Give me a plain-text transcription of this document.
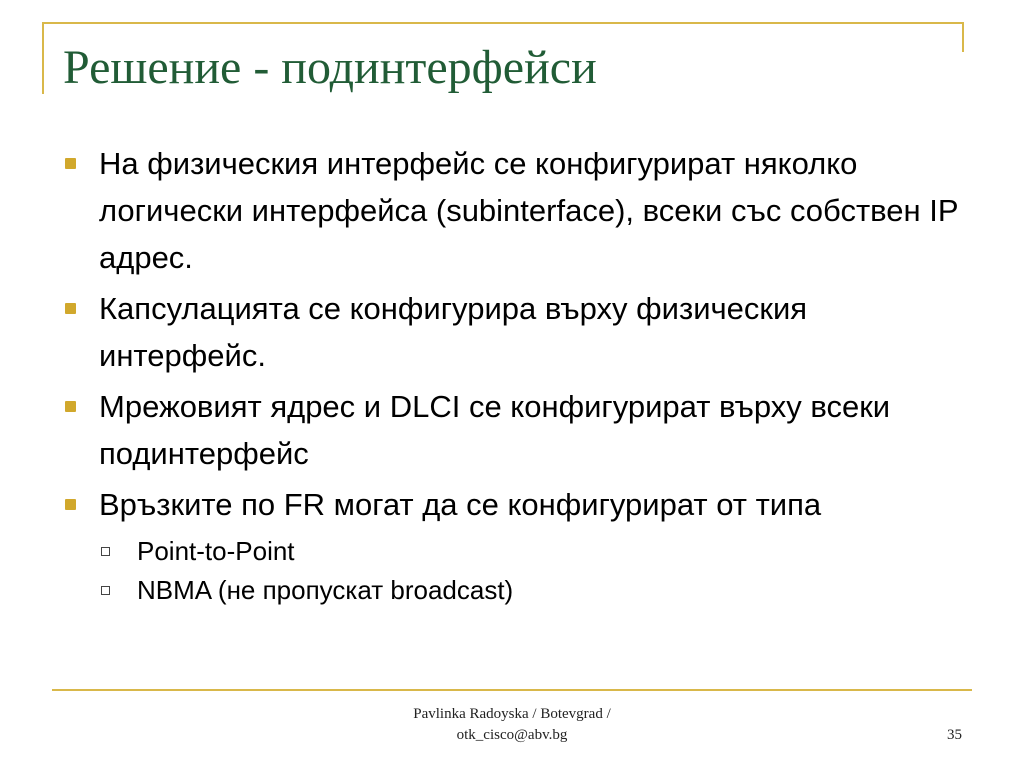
Решение - подинтерфейси
На физическия интерфейс се конфигурират няколко логически интерфейса (subinterface), всеки със собствен IP адрес.
Капсулацията се конфигурира върху физическия интерфейс.
Мрежовият ядрес и DLCI се конфигурират върху всеки подинтерфейс
Връзките по FR могат да се конфигурират от типа
Point-to-Point
NBMA (не пропускат broadcast)
Pavlinka Radoyska / Botevgrad /
otk_cisco@abv.bg	35
